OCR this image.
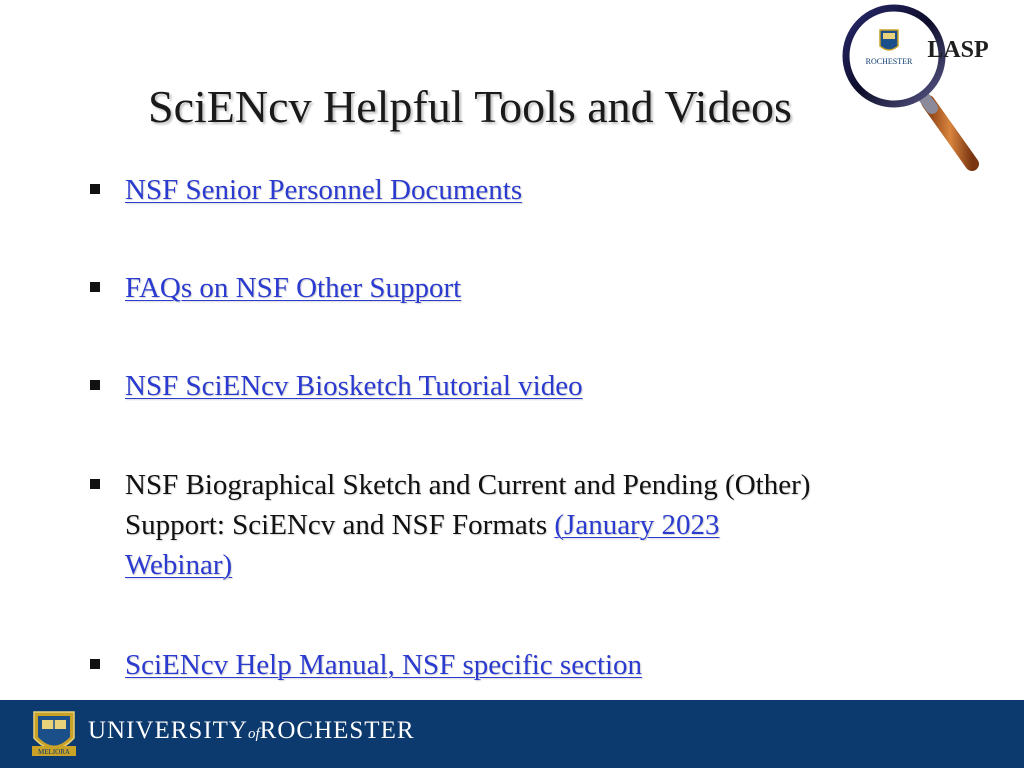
SciENcv Helpful Tools and Videos
ROCHESTER LASP
NSF Senior Personnel Documents
FAQs on NSF Other Support
NSF SciENcv Biosketch Tutorial video
NSF Biographical Sketch and Current and Pending (Other)
Support: SciENcv and NSF Formats (January 2023
Webinar)
SciENcv Help Manual, NSF specific section
MELIORA
UNIVERSITYofROCHESTER
